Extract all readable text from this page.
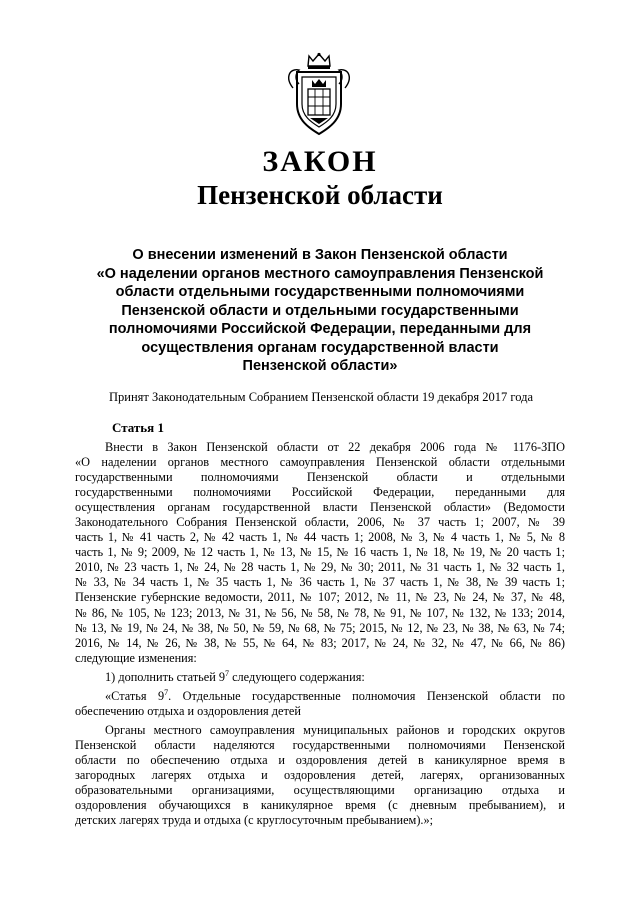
ЗАКОН
Пензенской области
О внесении изменений в Закон Пензенской области
«О наделении органов местного самоуправления Пензенской
области отдельными государственными полномочиями
Пензенской области и отдельными государственными
полномочиями Российской Федерации, переданными для
осуществления органам государственной власти
Пензенской области»
Принят Законодательным Собранием Пензенской области 19 декабря 2017 года
Статья 1
Внести в Закон Пензенской области от 22 декабря 2006 года № 1176-ЗПО
«О наделении органов местного самоуправления Пензенской области отдельными
государственными полномочиями Пензенской области и отдельными
государственными полномочиями Российской Федерации, переданными для
осуществления органам государственной власти Пензенской области» (Ведомости
Законодательного Собрания Пензенской области, 2006, № 37 часть 1; 2007, № 39
часть 1, № 41 часть 2, № 42 часть 1, № 44 часть 1; 2008, № 3, № 4 часть 1, № 5, № 8
часть 1, № 9; 2009, № 12 часть 1, № 13, № 15, № 16 часть 1, № 18, № 19, № 20 часть 1;
2010, № 23 часть 1, № 24, № 28 часть 1, № 29, № 30; 2011, № 31 часть 1, № 32 часть 1,
№ 33, № 34 часть 1, № 35 часть 1, № 36 часть 1, № 37 часть 1, № 38, № 39 часть 1;
Пензенские губернские ведомости, 2011, № 107; 2012, № 11, № 23, № 24, № 37, № 48,
№ 86, № 105, № 123; 2013, № 31, № 56, № 58, № 78, № 91, № 107, № 132, № 133; 2014,
№ 13, № 19, № 24, № 38, № 50, № 59, № 68, № 75; 2015, № 12, № 23, № 38, № 63, № 74;
2016, № 14, № 26, № 38, № 55, № 64, № 83; 2017, № 24, № 32, № 47, № 66, № 86)
следующие изменения:
1) дополнить статьей $9^7$ следующего содержания:
«Статья $9^7$. Отдельные государственные полномочия Пензенской области по
обеспечению отдыха и оздоровления детей
Органы местного самоуправления муниципальных районов и городских округов
Пензенской области наделяются государственными полномочиями Пензенской
области по обеспечению отдыха и оздоровления детей в каникулярное время в
загородных лагерях отдыха и оздоровления детей, лагерях, организованных
образовательными организациями, осуществляющими организацию отдыха и
оздоровления обучающихся в каникулярное время (с дневным пребыванием), и
детских лагерях труда и отдыха (с круглосуточным пребыванием).»;
